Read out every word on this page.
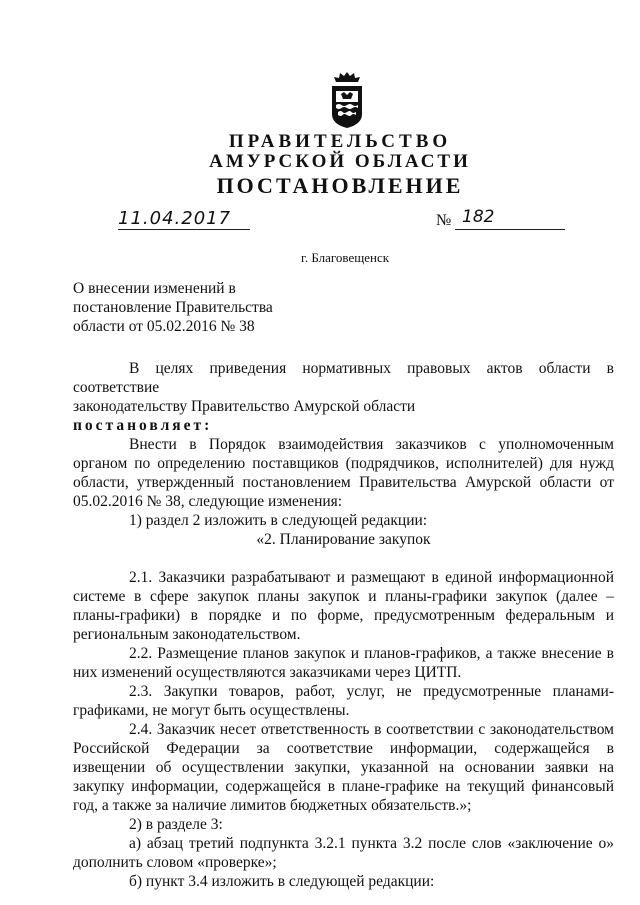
ПРАВИТЕЛЬСТВО
АМУРСКОЙ ОБЛАСТИ
ПОСТАНОВЛЕНИЕ
11.04.2017	№ 182
г. Благовещенск
О внесении изменений в
постановление Правительства
области от 05.02.2016 № 38

В целях приведения нормативных правовых актов области в соответствие

законодательству Правительство Амурской области

постановляет:

Внести в Порядок взаимодействия заказчиков с уполномоченным

органом по определению поставщиков (подрядчиков, исполнителей) для нужд

области, утвержденный постановлением Правительства Амурской области от

05.02.2016 № 38, следующие изменения:

1) раздел 2 изложить в следующей редакции:

«2. Планирование закупок

2.1. Заказчики разрабатывают и размещают в единой информационной

системе в сфере закупок планы закупок и планы-графики закупок (далее –

планы-графики) в порядке и по форме, предусмотренным федеральным и

региональным законодательством.

2.2. Размещение планов закупок и планов-графиков, а также внесение в

них изменений осуществляются заказчиками через ЦИТП.

2.3. Закупки товаров, работ, услуг, не предусмотренные планами-

графиками, не могут быть осуществлены.

2.4. Заказчик несет ответственность в соответствии с законодательством

Российской Федерации за соответствие информации, содержащейся в

извещении об осуществлении закупки, указанной на основании заявки на

закупку информации, содержащейся в плане-графике на текущий финансовый

год, а также за наличие лимитов бюджетных обязательств.»;

2) в разделе 3:

а) абзац третий подпункта 3.2.1 пункта 3.2 после слов «заключение о»

дополнить словом «проверке»;

б) пункт 3.4 изложить в следующей редакции:
